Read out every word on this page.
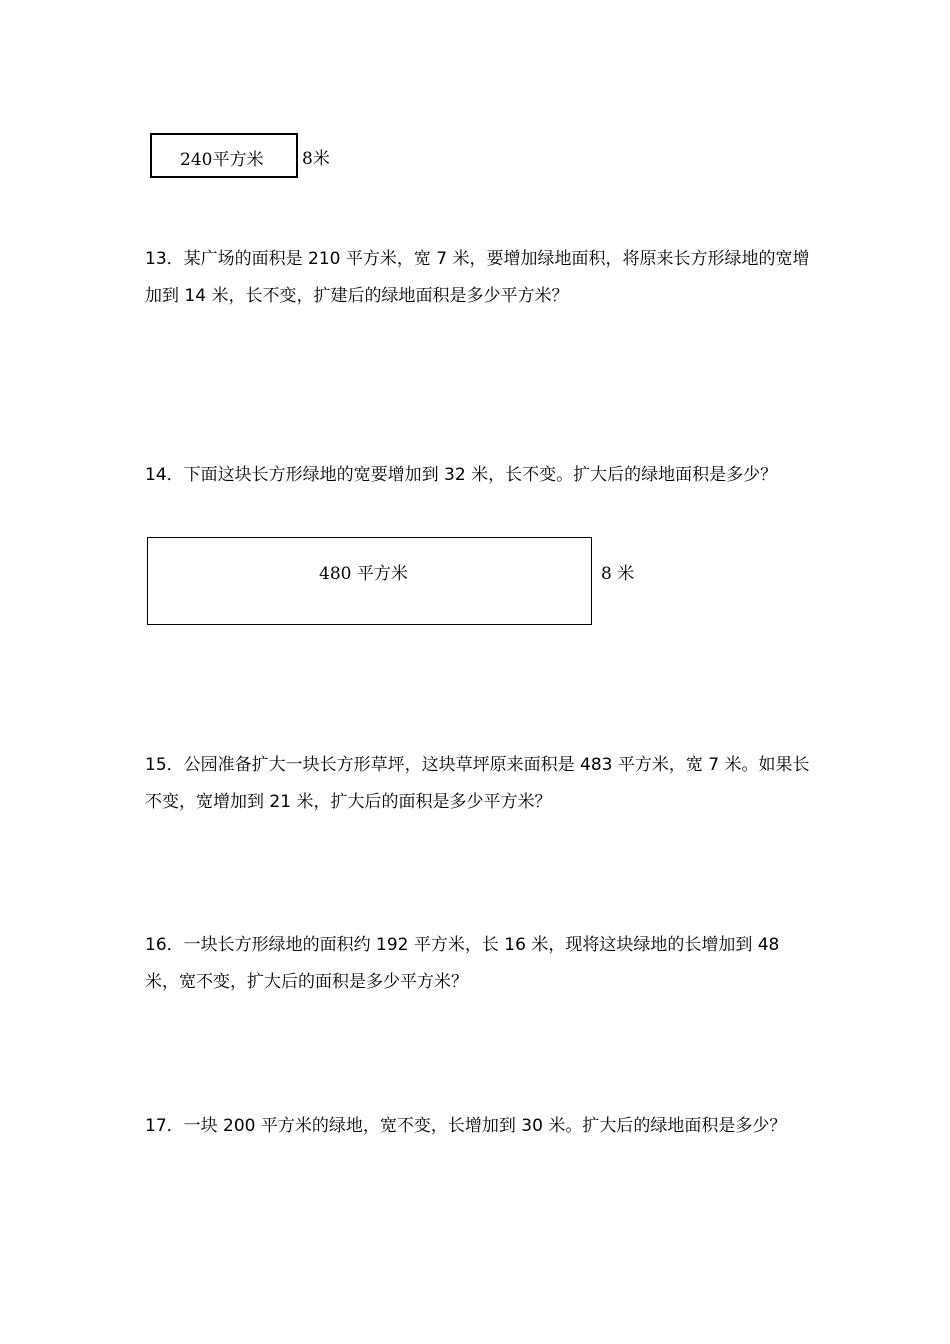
240平方米 8米

13．某广场的面积是 210 平方米，宽 7 米，要增加绿地面积，将原来长方形绿地的宽增加到 14 米，长不变，扩建后的绿地面积是多少平方米？

14．下面这块长方形绿地的宽要增加到 32 米，长不变。扩大后的绿地面积是多少？

480 平方米	8 米

15．公园准备扩大一块长方形草坪，这块草坪原来面积是 483 平方米，宽 7 米。如果长不变，宽增加到 21 米，扩大后的面积是多少平方米？

16．一块长方形绿地的面积约 192 平方米，长 16 米，现将这块绿地的长增加到 48 米，宽不变，扩大后的面积是多少平方米？

17．一块 200 平方米的绿地，宽不变，长增加到 30 米。扩大后的绿地面积是多少？
